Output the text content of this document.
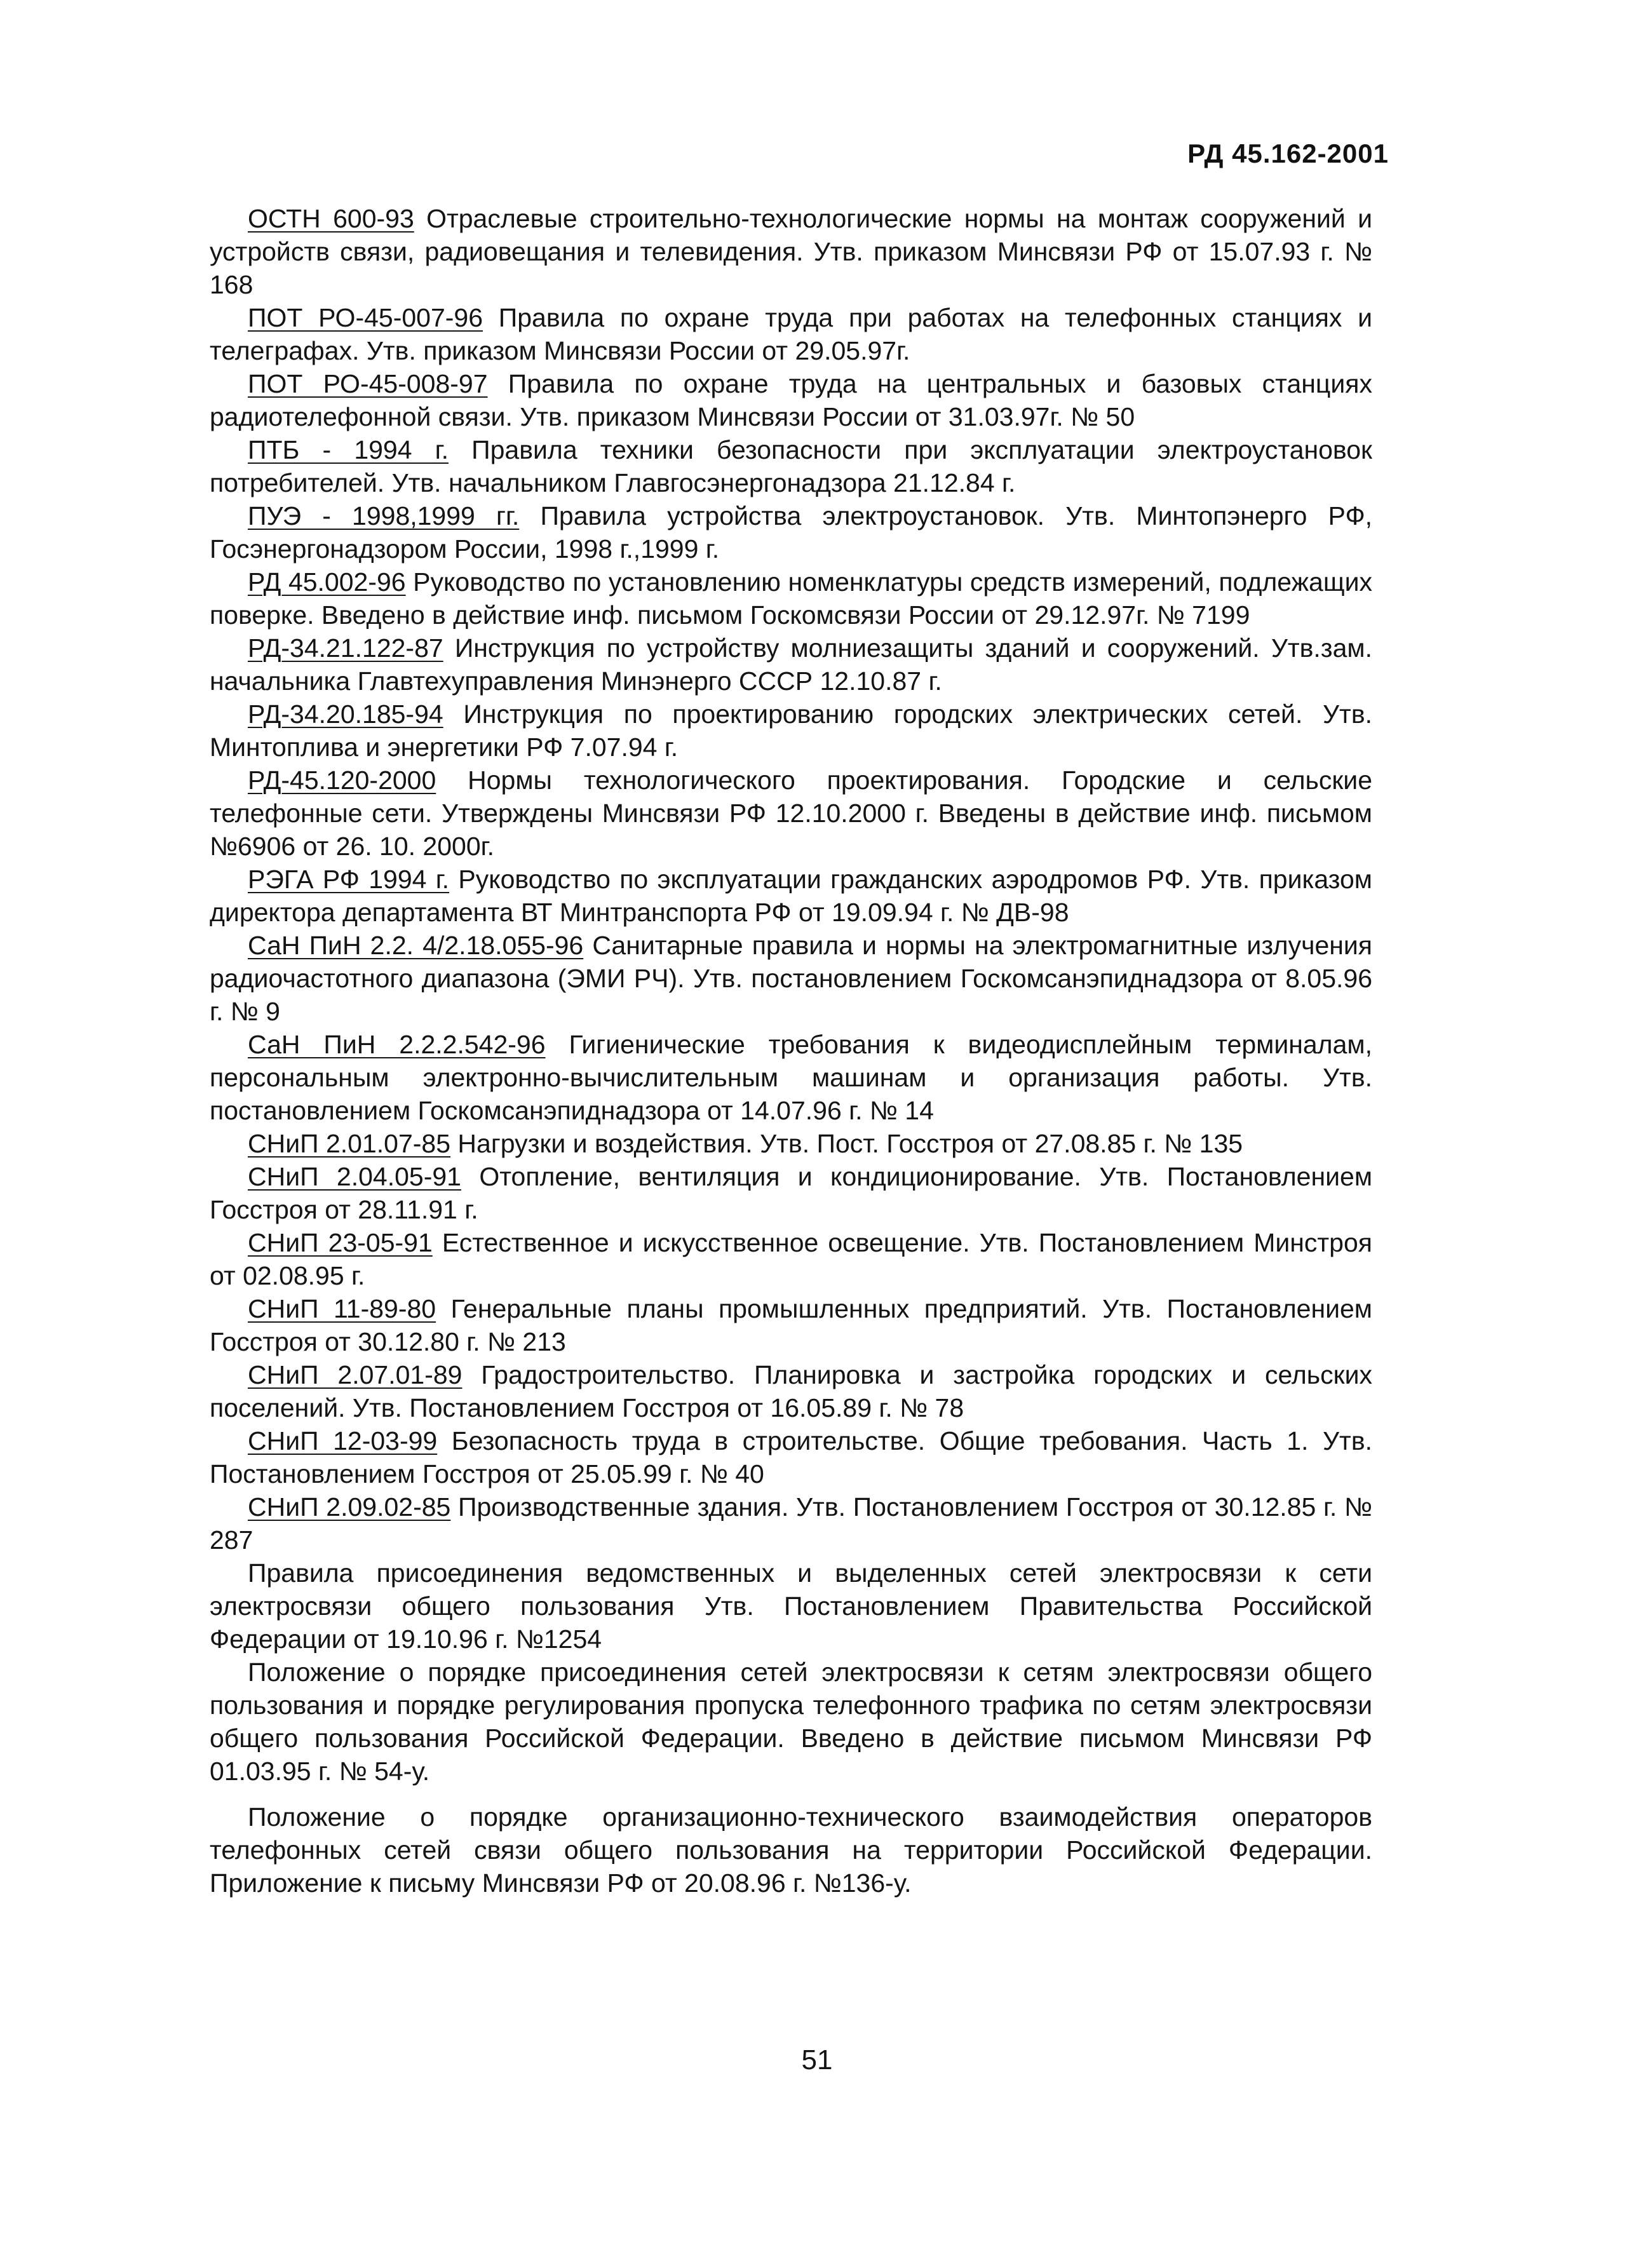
РД 45.162-2001

ОСТН 600-93 Отраслевые строительно-технологические нормы на монтаж сооружений и устройств связи, радиовещания и телевидения. Утв. приказом Минсвязи РФ от 15.07.93 г. № 168

ПОТ РО-45-007-96 Правила по охране труда при работах на телефонных станциях и телеграфах. Утв. приказом Минсвязи России от 29.05.97г.

ПОТ РО-45-008-97 Правила по охране труда на центральных и базовых станциях радиотелефонной связи. Утв. приказом Минсвязи России от 31.03.97г. № 50

ПТБ - 1994 г. Правила техники безопасности при эксплуатации электроустановок потребителей. Утв. начальником Главгосэнергонадзора 21.12.84 г.

ПУЭ - 1998,1999 гг. Правила устройства электроустановок. Утв. Минтопэнерго РФ, Госэнергонадзором России, 1998 г.,1999 г.

РД 45.002-96 Руководство по установлению номенклатуры средств измерений, подлежащих поверке. Введено в действие инф. письмом Госкомсвязи России от 29.12.97г. № 7199

РД-34.21.122-87 Инструкция по устройству молниезащиты зданий и сооружений. Утв.зам. начальника Главтехуправления Минэнерго СССР 12.10.87 г.

РД-34.20.185-94 Инструкция по проектированию городских электрических сетей. Утв. Минтоплива и энергетики РФ 7.07.94 г.

РД-45.120-2000 Нормы технологического проектирования. Городские и сельские телефонные сети. Утверждены Минсвязи РФ 12.10.2000 г. Введены в действие инф. письмом №6906 от 26. 10. 2000г.

РЭГА РФ 1994 г. Руководство по эксплуатации гражданских аэродромов РФ. Утв. приказом директора департамента ВТ Минтранспорта РФ от 19.09.94 г. № ДВ-98

СаН ПиН 2.2. 4/2.18.055-96 Санитарные правила и нормы на электромагнитные излучения радиочастотного диапазона (ЭМИ РЧ). Утв. постановлением Госкомсанэпиднадзора от 8.05.96 г. № 9

СаН ПиН 2.2.2.542-96 Гигиенические требования к видеодисплейным терминалам, персональным электронно-вычислительным машинам и организация работы. Утв. постановлением Госкомсанэпиднадзора от 14.07.96 г. № 14

СНиП 2.01.07-85 Нагрузки и воздействия. Утв. Пост. Госстроя от 27.08.85 г. № 135

СНиП 2.04.05-91 Отопление, вентиляция и кондиционирование. Утв. Постановлением Госстроя от 28.11.91 г.

СНиП 23-05-91 Естественное и искусственное освещение. Утв. Постановлением Минстроя от 02.08.95 г.

СНиП 11-89-80 Генеральные планы промышленных предприятий. Утв. Постановлением Госстроя от 30.12.80 г. № 213

СНиП 2.07.01-89 Градостроительство. Планировка и застройка городских и сельских поселений. Утв. Постановлением Госстроя от 16.05.89 г. № 78

СНиП 12-03-99 Безопасность труда в строительстве. Общие требования. Часть 1. Утв. Постановлением Госстроя от 25.05.99 г. № 40

СНиП 2.09.02-85 Производственные здания. Утв. Постановлением Госстроя от 30.12.85 г. № 287

Правила присоединения ведомственных и выделенных сетей электросвязи к сети электросвязи общего пользования Утв. Постановлением Правительства Российской Федерации от 19.10.96 г. №1254

Положение о порядке присоединения сетей электросвязи к сетям электросвязи общего пользования и порядке регулирования пропуска телефонного трафика по сетям электросвязи общего пользования Российской Федерации. Введено в действие письмом Минсвязи РФ 01.03.95 г. № 54-у.

Положение о порядке организационно-технического взаимодействия операторов телефонных сетей связи общего пользования на территории Российской Федерации. Приложение к письму Минсвязи РФ от 20.08.96 г. №136-у.

51
